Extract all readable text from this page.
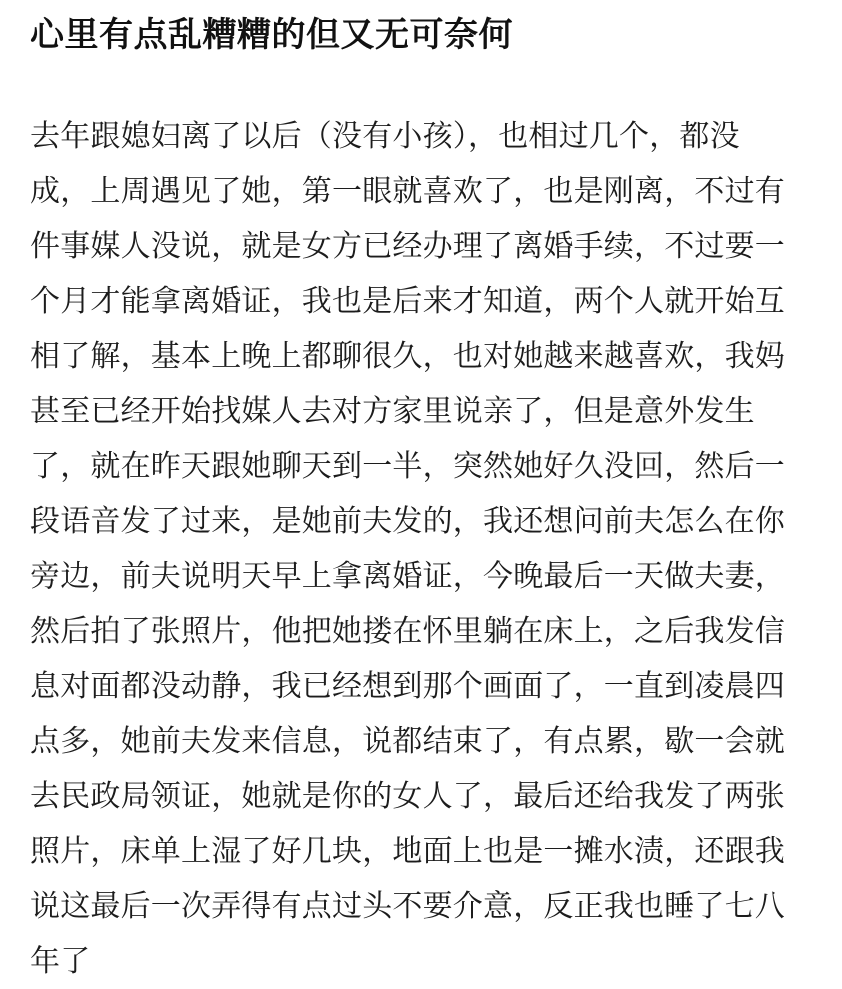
心里有点乱糟糟的但又无可奈何
去年跟媳妇离了以后（没有小孩），也相过几个，都没
成，上周遇见了她，第一眼就喜欢了，也是刚离，不过有
件事媒人没说，就是女方已经办理了离婚手续，不过要一
个月才能拿离婚证，我也是后来才知道，两个人就开始互
相了解，基本上晚上都聊很久，也对她越来越喜欢，我妈
甚至已经开始找媒人去对方家里说亲了，但是意外发生
了，就在昨天跟她聊天到一半，突然她好久没回，然后一
段语音发了过来，是她前夫发的，我还想问前夫怎么在你
旁边，前夫说明天早上拿离婚证，今晚最后一天做夫妻，
然后拍了张照片，他把她搂在怀里躺在床上，之后我发信
息对面都没动静，我已经想到那个画面了，一直到凌晨四
点多，她前夫发来信息，说都结束了，有点累，歇一会就
去民政局领证，她就是你的女人了，最后还给我发了两张
照片，床单上湿了好几块，地面上也是一摊水渍，还跟我
说这最后一次弄得有点过头不要介意，反正我也睡了七八
年了
